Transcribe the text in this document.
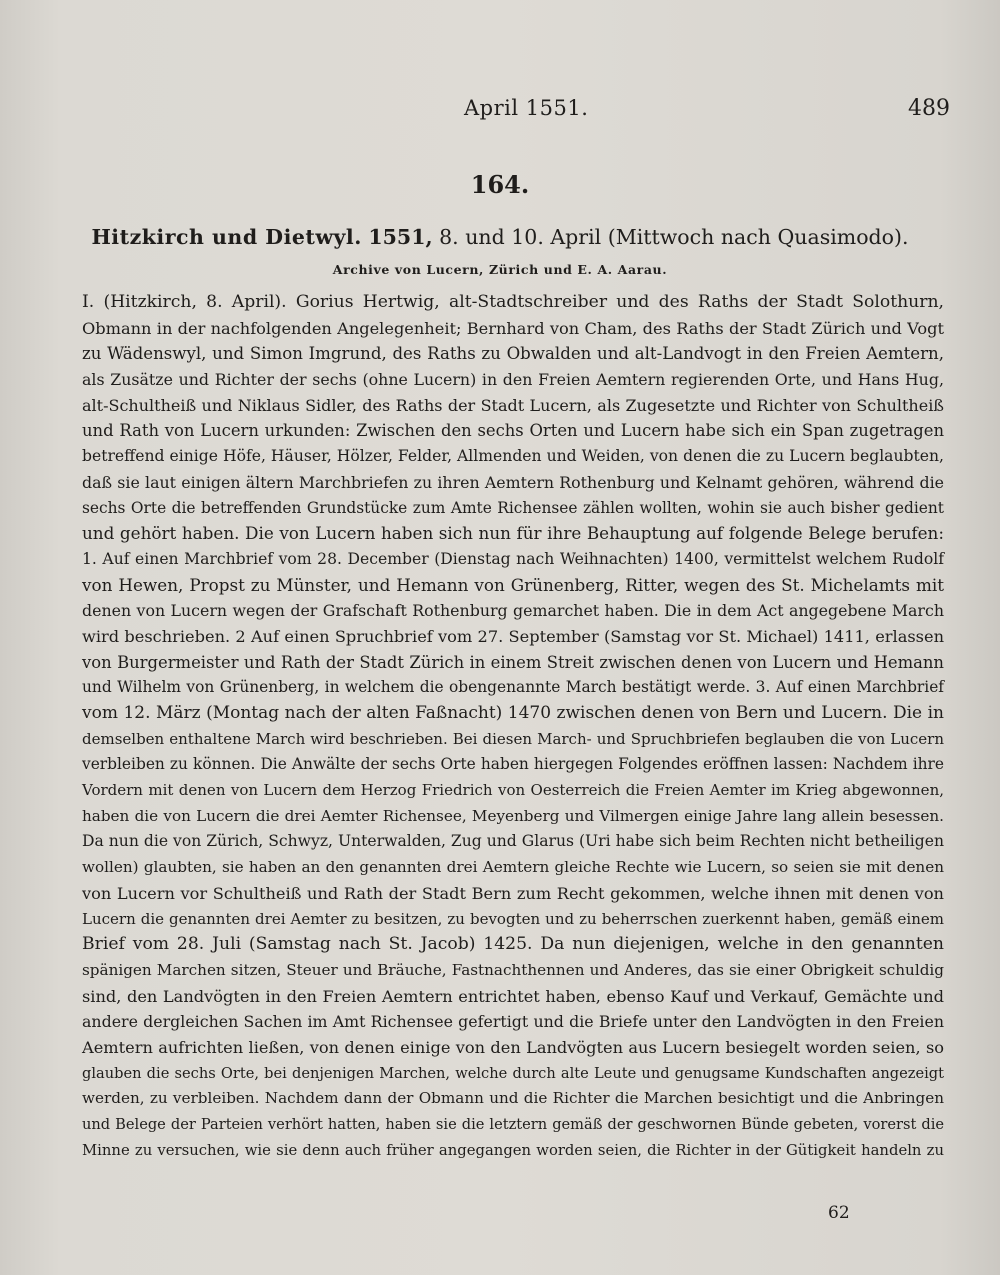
April 1551.	489
164.
Hitzkirch und Dietwyl. 1551, 8. und 10. April (Mittwoch nach Quasimodo).
Archive von Lucern, Zürich und E. A. Aarau.
I. (Hitzkirch, 8. April). Gorius Hertwig, alt-Stadtschreiber und des Raths der Stadt Solothurn,
Obmann in der nachfolgenden Angelegenheit; Bernhard von Cham, des Raths der Stadt Zürich und Vogt
zu Wädenswyl, und Simon Imgrund, des Raths zu Obwalden und alt-Landvogt in den Freien Aemtern,
als Zusätze und Richter der sechs (ohne Lucern) in den Freien Aemtern regierenden Orte, und Hans Hug,
alt-Schultheiß und Niklaus Sidler, des Raths der Stadt Lucern, als Zugesetzte und Richter von Schultheiß
und Rath von Lucern urkunden: Zwischen den sechs Orten und Lucern habe sich ein Span zugetragen
betreffend einige Höfe, Häuser, Hölzer, Felder, Allmenden und Weiden, von denen die zu Lucern beglaubten,
daß sie laut einigen ältern Marchbriefen zu ihren Aemtern Rothenburg und Kelnamt gehören, während die
sechs Orte die betreffenden Grundstücke zum Amte Richensee zählen wollten, wohin sie auch bisher gedient
und gehört haben. Die von Lucern haben sich nun für ihre Behauptung auf folgende Belege berufen:
1. Auf einen Marchbrief vom 28. December (Dienstag nach Weihnachten) 1400, vermittelst welchem Rudolf
von Hewen, Propst zu Münster, und Hemann von Grünenberg, Ritter, wegen des St. Michelamts mit
denen von Lucern wegen der Grafschaft Rothenburg gemarchet haben. Die in dem Act angegebene March
wird beschrieben. 2 Auf einen Spruchbrief vom 27. September (Samstag vor St. Michael) 1411, erlassen
von Burgermeister und Rath der Stadt Zürich in einem Streit zwischen denen von Lucern und Hemann
und Wilhelm von Grünenberg, in welchem die obengenannte March bestätigt werde. 3. Auf einen Marchbrief
vom 12. März (Montag nach der alten Faßnacht) 1470 zwischen denen von Bern und Lucern. Die in
demselben enthaltene March wird beschrieben. Bei diesen March- und Spruchbriefen beglauben die von Lucern
verbleiben zu können. Die Anwälte der sechs Orte haben hiergegen Folgendes eröffnen lassen: Nachdem ihre
Vordern mit denen von Lucern dem Herzog Friedrich von Oesterreich die Freien Aemter im Krieg abgewonnen,
haben die von Lucern die drei Aemter Richensee, Meyenberg und Vilmergen einige Jahre lang allein besessen.
Da nun die von Zürich, Schwyz, Unterwalden, Zug und Glarus (Uri habe sich beim Rechten nicht betheiligen
wollen) glaubten, sie haben an den genannten drei Aemtern gleiche Rechte wie Lucern, so seien sie mit denen
von Lucern vor Schultheiß und Rath der Stadt Bern zum Recht gekommen, welche ihnen mit denen von
Lucern die genannten drei Aemter zu besitzen, zu bevogten und zu beherrschen zuerkennt haben, gemäß einem
Brief vom 28. Juli (Samstag nach St. Jacob) 1425. Da nun diejenigen, welche in den genannten
spänigen Marchen sitzen, Steuer und Bräuche, Fastnachthennen und Anderes, das sie einer Obrigkeit schuldig
sind, den Landvögten in den Freien Aemtern entrichtet haben, ebenso Kauf und Verkauf, Gemächte und
andere dergleichen Sachen im Amt Richensee gefertigt und die Briefe unter den Landvögten in den Freien
Aemtern aufrichten ließen, von denen einige von den Landvögten aus Lucern besiegelt worden seien, so
glauben die sechs Orte, bei denjenigen Marchen, welche durch alte Leute und genugsame Kundschaften angezeigt
werden, zu verbleiben. Nachdem dann der Obmann und die Richter die Marchen besichtigt und die Anbringen
und Belege der Parteien verhört hatten, haben sie die letztern gemäß der geschwornen Bünde gebeten, vorerst die
Minne zu versuchen, wie sie denn auch früher angegangen worden seien, die Richter in der Gütigkeit handeln zu
62
